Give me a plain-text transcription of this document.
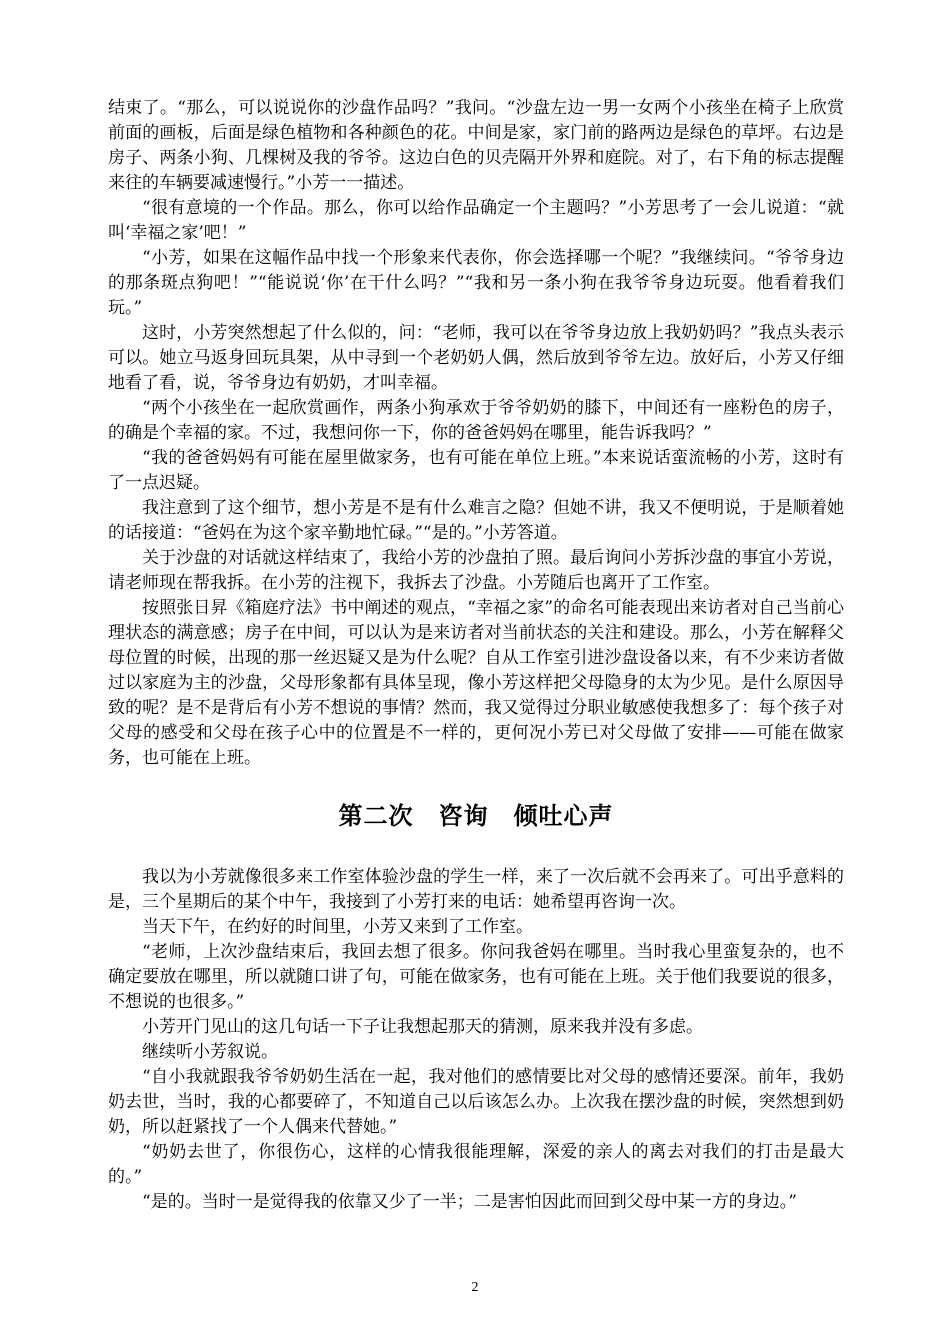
结束了。“那么，可以说说你的沙盘作品吗？”我问。“沙盘左边一男一女两个小孩坐在椅子上欣赏前面的画板，后面是绿色植物和各种颜色的花。中间是家，家门前的路两边是绿色的草坪。右边是房子、两条小狗、几棵树及我的爷爷。这边白色的贝壳隔开外界和庭院。对了，右下角的标志提醒来往的车辆要减速慢行。”小芳一一描述。

“很有意境的一个作品。那么，你可以给作品确定一个主题吗？”小芳思考了一会儿说道：“就叫‘幸福之家’吧！”

“小芳，如果在这幅作品中找一个形象来代表你，你会选择哪一个呢？”我继续问。“爷爷身边的那条斑点狗吧！”“能说说‘你’在干什么吗？”“我和另一条小狗在我爷爷身边玩耍。他看着我们玩。”

这时，小芳突然想起了什么似的，问：“老师，我可以在爷爷身边放上我奶奶吗？”我点头表示可以。她立马返身回玩具架，从中寻到一个老奶奶人偶，然后放到爷爷左边。放好后，小芳又仔细地看了看，说，爷爷身边有奶奶，才叫幸福。

“两个小孩坐在一起欣赏画作，两条小狗承欢于爷爷奶奶的膝下，中间还有一座粉色的房子，的确是个幸福的家。不过，我想问你一下，你的爸爸妈妈在哪里，能告诉我吗？”

“我的爸爸妈妈有可能在屋里做家务，也有可能在单位上班。”本来说话蛮流畅的小芳，这时有了一点迟疑。

我注意到了这个细节，想小芳是不是有什么难言之隐？但她不讲，我又不便明说，于是顺着她的话接道：“爸妈在为这个家辛勤地忙碌。”“是的。”小芳答道。

关于沙盘的对话就这样结束了，我给小芳的沙盘拍了照。最后询问小芳拆沙盘的事宜小芳说，请老师现在帮我拆。在小芳的注视下，我拆去了沙盘。小芳随后也离开了工作室。

按照张日昇《箱庭疗法》书中阐述的观点，“幸福之家”的命名可能表现出来访者对自己当前心理状态的满意感；房子在中间，可以认为是来访者对当前状态的关注和建设。那么，小芳在解释父母位置的时候，出现的那一丝迟疑又是为什么呢？自从工作室引进沙盘设备以来，有不少来访者做过以家庭为主的沙盘，父母形象都有具体呈现，像小芳这样把父母隐身的太为少见。是什么原因导致的呢？是不是背后有小芳不想说的事情？然而，我又觉得过分职业敏感使我想多了：每个孩子对父母的感受和父母在孩子心中的位置是不一样的，更何况小芳已对父母做了安排——可能在做家务，也可能在上班。

第二次　咨询　倾吐心声

我以为小芳就像很多来工作室体验沙盘的学生一样，来了一次后就不会再来了。可出乎意料的是，三个星期后的某个中午，我接到了小芳打来的电话：她希望再咨询一次。

当天下午，在约好的时间里，小芳又来到了工作室。

“老师，上次沙盘结束后，我回去想了很多。你问我爸妈在哪里。当时我心里蛮复杂的，也不确定要放在哪里，所以就随口讲了句，可能在做家务，也有可能在上班。关于他们我要说的很多，不想说的也很多。”

小芳开门见山的这几句话一下子让我想起那天的猜测，原来我并没有多虑。

继续听小芳叙说。

“自小我就跟我爷爷奶奶生活在一起，我对他们的感情要比对父母的感情还要深。前年，我奶奶去世，当时，我的心都要碎了，不知道自己以后该怎么办。上次我在摆沙盘的时候，突然想到奶奶，所以赶紧找了一个人偶来代替她。”

“奶奶去世了，你很伤心，这样的心情我很能理解，深爱的亲人的离去对我们的打击是最大的。”

“是的。当时一是觉得我的依靠又少了一半；二是害怕因此而回到父母中某一方的身边。”

2
